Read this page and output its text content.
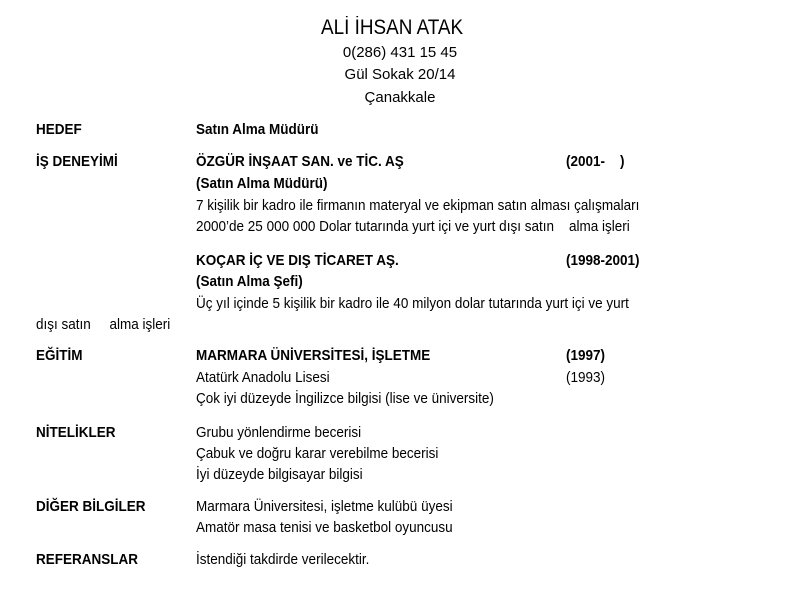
ALİ İHSAN ATAK
0(286) 431 15 45
Gül Sokak 20/14
Çanakkale
HEDEF	Satın Alma Müdürü
İŞ DENEYİMİ	ÖZGÜR İNŞAAT SAN. ve TİC. AŞ	(2001-    )
(Satın Alma Müdürü)
7 kişilik bir kadro ile firmanın materyal ve ekipman satın alması çalışmaları
2000’de 25 000 000 Dolar tutarında yurt içi ve yurt dışı satın    alma işleri
KOÇAR İÇ VE DIŞ TİCARET AŞ.	(1998-2001)
(Satın Alma Şefi)
Üç yıl içinde 5 kişilik bir kadro ile 40 milyon dolar tutarında yurt içi ve yurt
dışı satın     alma işleri
EĞİTİM	MARMARA ÜNİVERSİTESİ, İŞLETME	(1997)
Atatürk Anadolu Lisesi	(1993)
Çok iyi düzeyde İngilizce bilgisi (lise ve üniversite)
NİTELİKLER	Grubu yönlendirme becerisi
Çabuk ve doğru karar verebilme becerisi
İyi düzeyde bilgisayar bilgisi
DİĞER BİLGİLER	Marmara Üniversitesi, işletme kulübü üyesi
Amatör masa tenisi ve basketbol oyuncusu
REFERANSLAR	İstendiği takdirde verilecektir.
